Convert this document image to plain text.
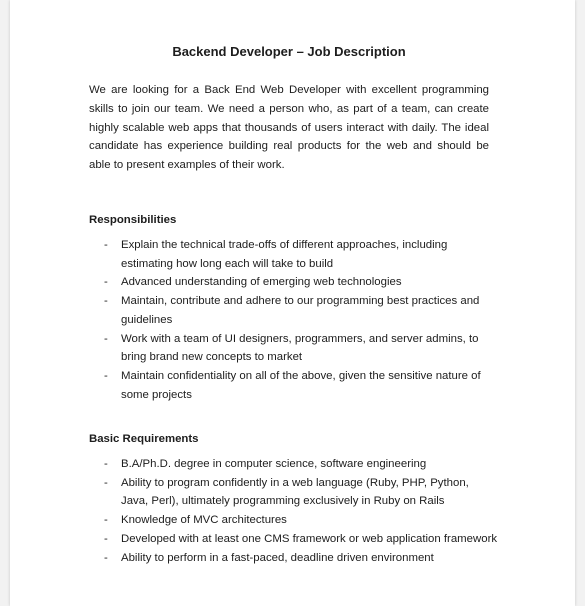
Backend Developer – Job Description

We are looking for a Back End Web Developer with excellent programming skills to join our team. We need a person who, as part of a team, can create highly scalable web apps that thousands of users interact with daily. The ideal candidate has experience building real products for the web and should be able to present examples of their work.

Responsibilities
- Explain the technical trade-offs of different approaches, including estimating how long each will take to build
- Advanced understanding of emerging web technologies
- Maintain, contribute and adhere to our programming best practices and guidelines
- Work with a team of UI designers, programmers, and server admins, to bring brand new concepts to market
- Maintain confidentiality on all of the above, given the sensitive nature of some projects
Basic Requirements
- B.A/Ph.D. degree in computer science, software engineering
- Ability to program confidently in a web language (Ruby, PHP, Python, Java, Perl), ultimately programming exclusively in Ruby on Rails
- Knowledge of MVC architectures
- Developed with at least one CMS framework or web application framework
- Ability to perform in a fast-paced, deadline driven environment
